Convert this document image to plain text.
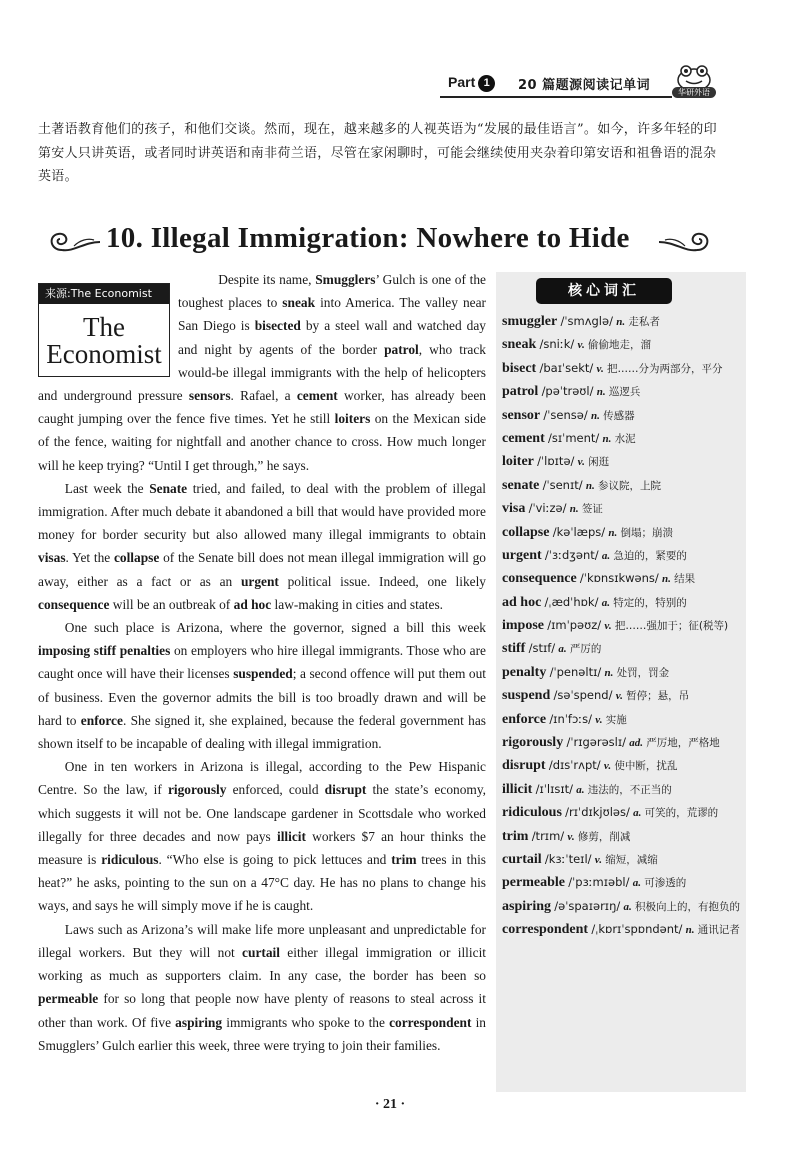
Part 1	20 篇题源阅读记单词	华研外语
土著语教育他们的孩子，和他们交谈。然而，现在，越来越多的人视英语为“发展的最佳语言”。如今，许多年轻的印第安人只讲英语，或者同时讲英语和南非荷兰语，尽管在家闲聊时，可能会继续使用夹杂着印第安语和祖鲁语的混杂英语。
10. Illegal Immigration: Nowhere to Hide
来源:The Economist
The
Economist

Despite its name, Smugglers’ Gulch is one of the toughest places to sneak into America. The valley near San Diego is bisected by a steel wall and watched day and night by agents of the border patrol, who track would-be illegal immigrants with the help of helicopters and underground pressure sensors. Rafael, a cement worker, has already been caught jumping over the fence five times. Yet he still loiters on the Mexican side of the fence, waiting for nightfall and another chance to cross. How much longer will he keep trying? “Until I get through,” he says.

Last week the Senate tried, and failed, to deal with the problem of illegal immigration. After much debate it abandoned a bill that would have provided more money for border security but also allowed many illegal immigrants to obtain visas. Yet the collapse of the Senate bill does not mean illegal immigration will go away, either as a fact or as an urgent political issue. Indeed, one likely consequence will be an outbreak of ad hoc law-making in cities and states.

One such place is Arizona, where the governor, signed a bill this week imposing stiff penalties on employers who hire illegal immigrants. Those who are caught once will have their licenses suspended; a second offence will put them out of business. Even the governor admits the bill is too broadly drawn and will be hard to enforce. She signed it, she explained, because the federal government has shown itself to be incapable of dealing with illegal immigration.

One in ten workers in Arizona is illegal, according to the Pew Hispanic Centre. So the law, if rigorously enforced, could disrupt the state’s economy, which suggests it will not be. One landscape gardener in Scottsdale who worked illegally for three decades and now pays illicit workers $7 an hour thinks the measure is ridiculous. “Who else is going to pick lettuces and trim trees in this heat?” he asks, pointing to the sun on a 47°C day. He has no plans to change his ways, and says he will simply move if he is caught.

Laws such as Arizona’s will make life more unpleasant and unpredictable for illegal workers. But they will not curtail either illegal immigration or illicit working as much as supporters claim. In any case, the border has been so permeable for so long that people now have plenty of reasons to steal across it other than work. Of five aspiring immigrants who spoke to the correspondent in Smugglers’ Gulch earlier this week, three were trying to join their families.

核心词汇
smuggler /ˈsmʌglə/ n. 走私者
sneak /sniːk/ v. 偷偷地走，溜
bisect /baɪˈsekt/ v. 把……分为两部分，平分
patrol /pəˈtrəʊl/ n. 巡逻兵
sensor /ˈsensə/ n. 传感器
cement /sɪˈment/ n. 水泥
loiter /ˈlɒɪtə/ v. 闲逛
senate /ˈsenɪt/ n. 参议院，上院
visa /ˈviːzə/ n. 签证
collapse /kəˈlæps/ n. 倒塌；崩溃
urgent /ˈɜːdʒənt/ a. 急迫的，紧要的
consequence /ˈkɒnsɪkwəns/ n. 结果
ad hoc /ˌædˈhɒk/ a. 特定的，特别的
impose /ɪmˈpəʊz/ v. 把……强加于；征(税等)
stiff /stɪf/ a. 严厉的
penalty /ˈpenəltɪ/ n. 处罚，罚金
suspend /səˈspend/ v. 暂停；悬，吊
enforce /ɪnˈfɔːs/ v. 实施
rigorously /ˈrɪgərəslɪ/ ad. 严厉地，严格地
disrupt /dɪsˈrʌpt/ v. 使中断，扰乱
illicit /ɪˈlɪsɪt/ a. 违法的，不正当的
ridiculous /rɪˈdɪkjʊləs/ a. 可笑的，荒谬的
trim /trɪm/ v. 修剪，削减
curtail /kɜːˈteɪl/ v. 缩短，减缩
permeable /ˈpɜːmɪəbl/ a. 可渗透的
aspiring /əˈspaɪərɪŋ/ a. 积极向上的，有抱负的
correspondent /ˌkɒrɪˈspɒndənt/ n. 通讯记者
· 21 ·
